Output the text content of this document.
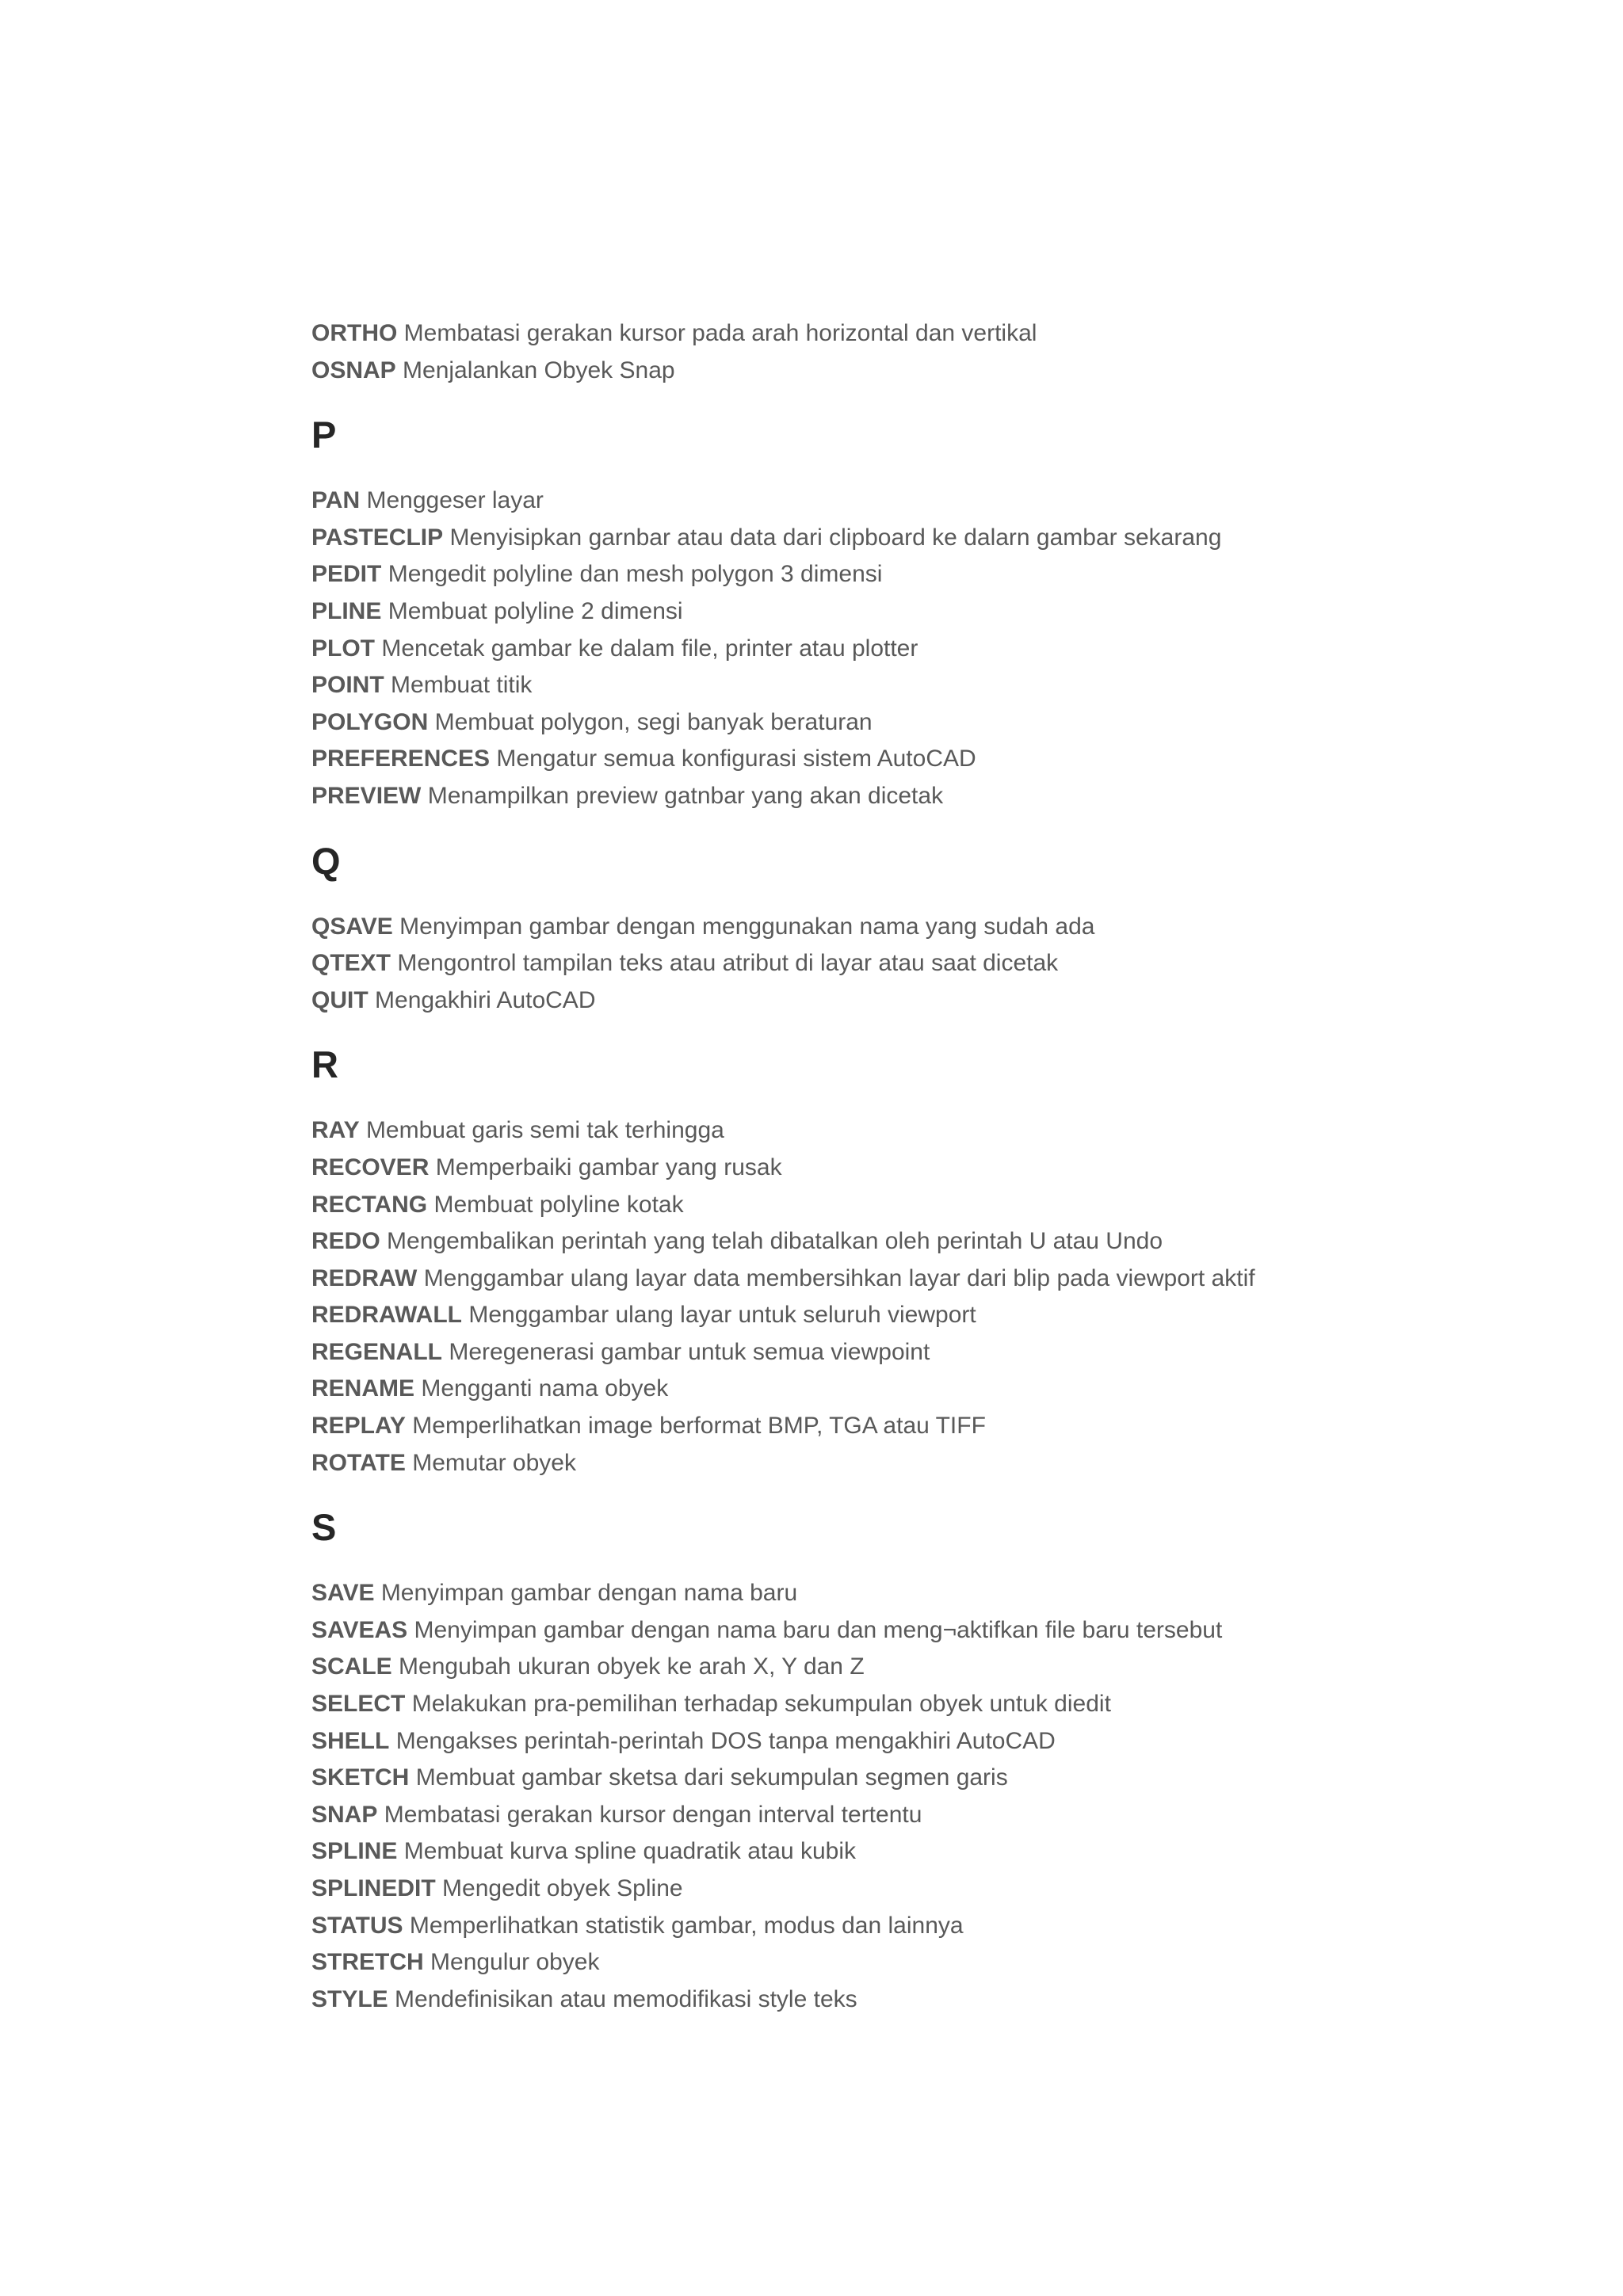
ORTHO Membatasi gerakan kursor pada arah horizontal dan vertikal

OSNAP Menjalankan Obyek Snap

P

PAN Menggeser layar

PASTECLIP Menyisipkan garnbar atau data dari clipboard ke dalarn gambar sekarang

PEDIT Mengedit polyline dan mesh polygon 3 dimensi

PLINE Membuat polyline 2 dimensi

PLOT Mencetak gambar ke dalam file, printer atau plotter

POINT Membuat titik

POLYGON Membuat polygon, segi banyak beraturan

PREFERENCES Mengatur semua konfigurasi sistem AutoCAD

PREVIEW Menampilkan preview gatnbar yang akan dicetak

Q

QSAVE Menyimpan gambar dengan menggunakan nama yang sudah ada

QTEXT Mengontrol tampilan teks atau atribut di layar atau saat dicetak

QUIT Mengakhiri AutoCAD

R

RAY Membuat garis semi tak terhingga

RECOVER Memperbaiki gambar yang rusak

RECTANG Membuat polyline kotak

REDO Mengembalikan perintah yang telah dibatalkan oleh perintah U atau Undo

REDRAW Menggambar ulang layar data membersihkan layar dari blip pada viewport aktif

REDRAWALL Menggambar ulang layar untuk seluruh viewport

REGENALL Meregenerasi gambar untuk semua viewpoint

RENAME Mengganti nama obyek

REPLAY Memperlihatkan image berformat BMP, TGA atau TIFF

ROTATE Memutar obyek

S

SAVE Menyimpan gambar dengan nama baru

SAVEAS Menyimpan gambar dengan nama baru dan meng¬aktifkan file baru tersebut

SCALE Mengubah ukuran obyek ke arah X, Y dan Z

SELECT Melakukan pra-pemilihan terhadap sekumpulan obyek untuk diedit

SHELL Mengakses perintah-perintah DOS tanpa mengakhiri AutoCAD

SKETCH Membuat gambar sketsa dari sekumpulan segmen garis

SNAP Membatasi gerakan kursor dengan interval tertentu

SPLINE Membuat kurva spline quadratik atau kubik

SPLINEDIT Mengedit obyek Spline

STATUS Memperlihatkan statistik gambar, modus dan lainnya

STRETCH Mengulur obyek

STYLE Mendefinisikan atau memodifikasi style teks
